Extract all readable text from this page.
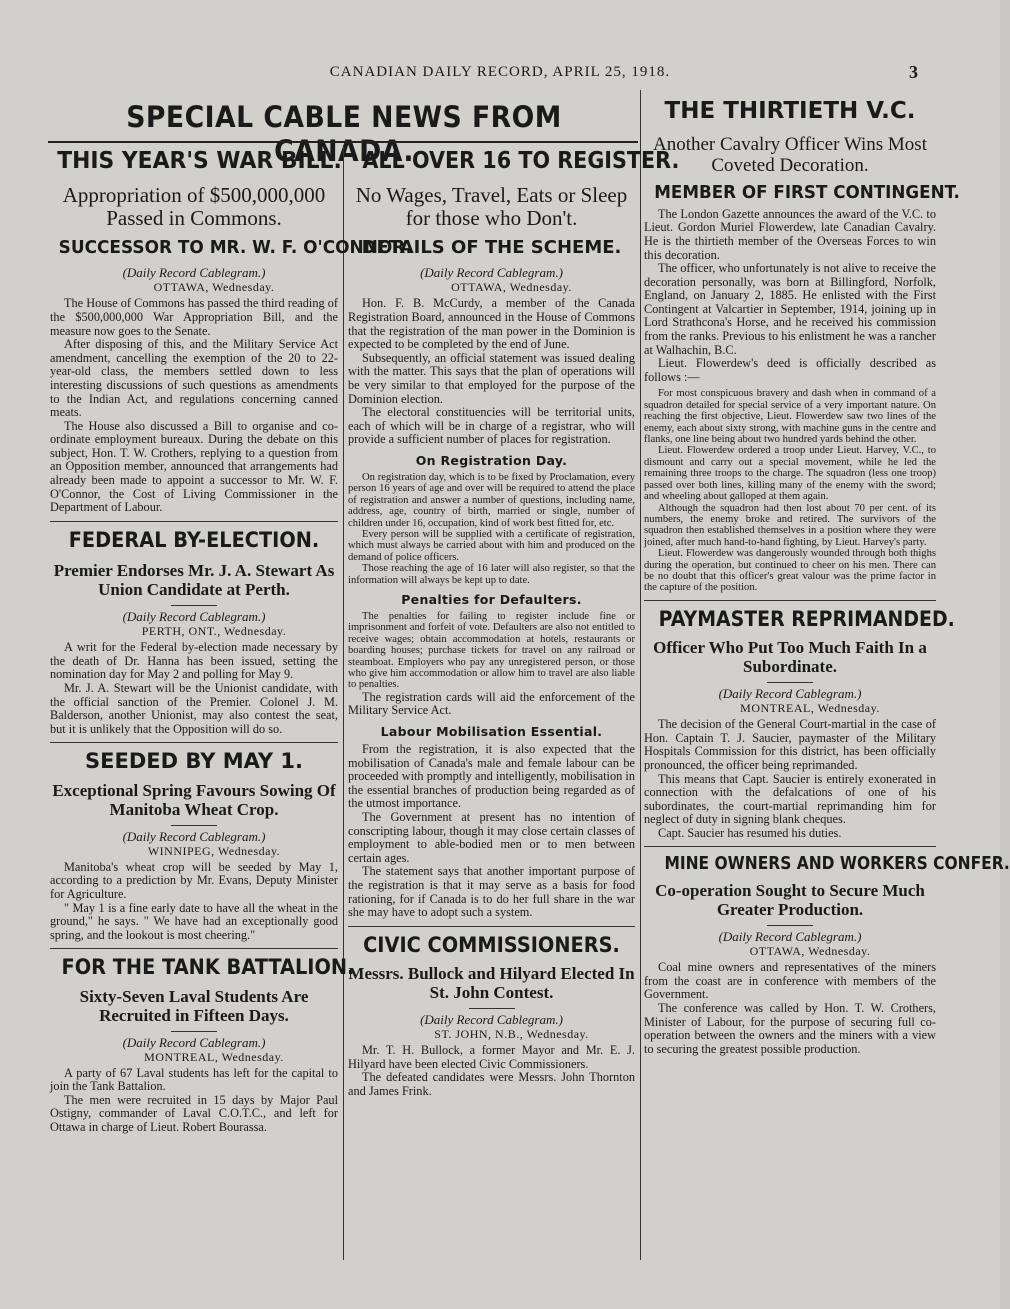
CANADIAN DAILY RECORD, APRIL 25, 1918.	3
SPECIAL CABLE NEWS FROM CANADA.
THIS YEAR'S WAR BILL.
Appropriation of $500,000,000 Passed in Commons.
SUCCESSOR TO MR. W. F. O'CONNOR.
(Daily Record Cablegram.)
OTTAWA, Wednesday.

The House of Commons has passed the third reading of the $500,000,000 War Appropriation Bill, and the measure now goes to the Senate.

After disposing of this, and the Military Service Act amendment, cancelling the exemption of the 20 to 22-year-old class, the members settled down to less interesting discussions of such questions as amendments to the Indian Act, and regulations concerning canned meats.

The House also discussed a Bill to organise and co-ordinate employment bureaux. During the debate on this subject, Hon. T. W. Crothers, replying to a question from an Opposition member, announced that arrangements had already been made to appoint a successor to Mr. W. F. O'Connor, the Cost of Living Commissioner in the Department of Labour.

FEDERAL BY-ELECTION.
Premier Endorses Mr. J. A. Stewart As Union Candidate at Perth.
(Daily Record Cablegram.)
PERTH, ONT., Wednesday.

A writ for the Federal by-election made necessary by the death of Dr. Hanna has been issued, setting the nomination day for May 2 and polling for May 9.

Mr. J. A. Stewart will be the Unionist candidate, with the official sanction of the Premier. Colonel J. M. Balderson, another Unionist, may also contest the seat, but it is unlikely that the Opposition will do so.

SEEDED BY MAY 1.
Exceptional Spring Favours Sowing Of Manitoba Wheat Crop.
(Daily Record Cablegram.)
WINNIPEG, Wednesday.

Manitoba's wheat crop will be seeded by May 1, according to a prediction by Mr. Evans, Deputy Minister for Agriculture.

" May 1 is a fine early date to have all the wheat in the ground," he says. " We have had an exceptionally good spring, and the lookout is most cheering."

FOR THE TANK BATTALION.
Sixty-Seven Laval Students Are Recruited in Fifteen Days.
(Daily Record Cablegram.)
MONTREAL, Wednesday.

A party of 67 Laval students has left for the capital to join the Tank Battalion.

The men were recruited in 15 days by Major Paul Ostigny, commander of Laval C.O.T.C., and left for Ottawa in charge of Lieut. Robert Bourassa.

ALL OVER 16 TO REGISTER.
No Wages, Travel, Eats or Sleep for those who Don't.
DETAILS OF THE SCHEME.
(Daily Record Cablegram.)
OTTAWA, Wednesday.

Hon. F. B. McCurdy, a member of the Canada Registration Board, announced in the House of Commons that the registration of the man power in the Dominion is expected to be completed by the end of June.

Subsequently, an official statement was issued dealing with the matter. This says that the plan of operations will be very similar to that employed for the purpose of the Dominion election.

The electoral constituencies will be territorial units, each of which will be in charge of a registrar, who will provide a sufficient number of places for registration.

On Registration Day.

On registration day, which is to be fixed by Proclamation, every person 16 years of age and over will be required to attend the place of registration and answer a number of questions, including name, address, age, country of birth, married or single, number of children under 16, occupation, kind of work best fitted for, etc.

Every person will be supplied with a certificate of registration, which must always be carried about with him and produced on the demand of police officers.

Those reaching the age of 16 later will also register, so that the information will always be kept up to date.

Penalties for Defaulters.

The penalties for failing to register include fine or imprisonment and forfeit of vote. Defaulters are also not entitled to receive wages; obtain accommodation at hotels, restaurants or boarding houses; purchase tickets for travel on any railroad or steamboat. Employers who pay any unregistered person, or those who give him accommodation or allow him to travel are also liable to penalties.

The registration cards will aid the enforcement of the Military Service Act.

Labour Mobilisation Essential.

From the registration, it is also expected that the mobilisation of Canada's male and female labour can be proceeded with promptly and intelligently, mobilisation in the essential branches of production being regarded as of the utmost importance.

The Government at present has no intention of conscripting labour, though it may close certain classes of employment to able-bodied men or to men between certain ages.

The statement says that another important purpose of the registration is that it may serve as a basis for food rationing, for if Canada is to do her full share in the war she may have to adopt such a system.

CIVIC COMMISSIONERS.
Messrs. Bullock and Hilyard Elected In St. John Contest.
(Daily Record Cablegram.)
ST. JOHN, N.B., Wednesday.

Mr. T. H. Bullock, a former Mayor and Mr. E. J. Hilyard have been elected Civic Commissioners.

The defeated candidates were Messrs. John Thornton and James Frink.

THE THIRTIETH V.C.
Another Cavalry Officer Wins Most Coveted Decoration.
MEMBER OF FIRST CONTINGENT.

The London Gazette announces the award of the V.C. to Lieut. Gordon Muriel Flowerdew, late Canadian Cavalry. He is the thirtieth member of the Overseas Forces to win this decoration.

The officer, who unfortunately is not alive to receive the decoration personally, was born at Billingford, Norfolk, England, on January 2, 1885. He enlisted with the First Contingent at Valcartier in September, 1914, joining up in Lord Strathcona's Horse, and he received his commission from the ranks. Previous to his enlistment he was a rancher at Walhachin, B.C.

Lieut. Flowerdew's deed is officially described as follows :—

For most conspicuous bravery and dash when in command of a squadron detailed for special service of a very important nature. On reaching the first objective, Lieut. Flowerdew saw two lines of the enemy, each about sixty strong, with machine guns in the centre and flanks, one line being about two hundred yards behind the other.

Lieut. Flowerdew ordered a troop under Lieut. Harvey, V.C., to dismount and carry out a special movement, while he led the remaining three troops to the charge. The squadron (less one troop) passed over both lines, killing many of the enemy with the sword; and wheeling about galloped at them again.

Although the squadron had then lost about 70 per cent. of its numbers, the enemy broke and retired. The survivors of the squadron then established themselves in a position where they were joined, after much hand-to-hand fighting, by Lieut. Harvey's party.

Lieut. Flowerdew was dangerously wounded through both thighs during the operation, but continued to cheer on his men. There can be no doubt that this officer's great valour was the prime factor in the capture of the position.

PAYMASTER REPRIMANDED.
Officer Who Put Too Much Faith In a Subordinate.
(Daily Record Cablegram.)
MONTREAL, Wednesday.

The decision of the General Court-martial in the case of Hon. Captain T. J. Saucier, paymaster of the Military Hospitals Commission for this district, has been officially pronounced, the officer being reprimanded.

This means that Capt. Saucier is entirely exonerated in connection with the defalcations of one of his subordinates, the court-martial reprimanding him for neglect of duty in signing blank cheques.

Capt. Saucier has resumed his duties.

MINE OWNERS AND WORKERS CONFER.
Co-operation Sought to Secure Much Greater Production.
(Daily Record Cablegram.)
OTTAWA, Wednesday.

Coal mine owners and representatives of the miners from the coast are in conference with members of the Government.

The conference was called by Hon. T. W. Crothers, Minister of Labour, for the purpose of securing full co-operation between the owners and the miners with a view to securing the greatest possible production.
